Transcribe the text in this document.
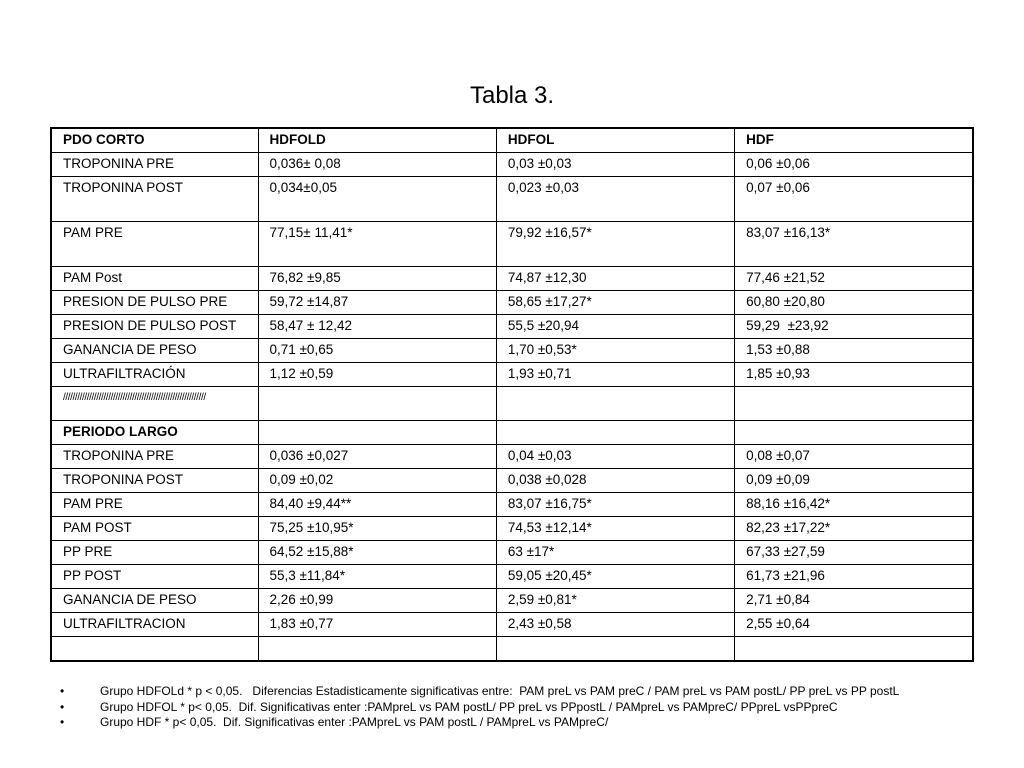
Tabla 3.
PDO CORTO	HDFOLD	HDFOL	HDF
TROPONINA PRE	0,036± 0,08	0,03 ±0,03	0,06 ±0,06
TROPONINA POST	0,034±0,05	0,023 ±0,03	0,07 ±0,06
PAM PRE	77,15± 11,41*	79,92 ±16,57*	83,07 ±16,13*
PAM Post	76,82 ±9,85	74,87 ±12,30	77,46 ±21,52
PRESION DE PULSO PRE	59,72 ±14,87	58,65 ±17,27*	60,80 ±20,80
PRESION DE PULSO POST	58,47 ± 12,42	55,5 ±20,94	59,29  ±23,92
GANANCIA DE PESO	0,71 ±0,65	1,70 ±0,53*	1,53 ±0,88
ULTRAFILTRACIÓN	1,12 ±0,59	1,93 ±0,71	1,85 ±0,93
////////////////////////////////////////////////////////////			
PERIODO LARGO			
TROPONINA PRE	0,036 ±0,027	0,04 ±0,03	0,08 ±0,07
TROPONINA POST	0,09 ±0,02	0,038 ±0,028	0,09 ±0,09
PAM PRE	84,40 ±9,44**	83,07 ±16,75*	88,16 ±16,42*
PAM POST	75,25 ±10,95*	74,53 ±12,14*	82,23 ±17,22*
PP PRE	64,52 ±15,88*	63 ±17*	67,33 ±27,59
PP POST	55,3 ±11,84*	59,05 ±20,45*	61,73 ±21,96
GANANCIA DE PESO	2,26 ±0,99	2,59 ±0,81*	2,71 ±0,84
ULTRAFILTRACION	1,83 ±0,77	2,43 ±0,58	2,55 ±0,64

•	Grupo HDFOLd * p < 0,05.   Diferencias Estadisticamente significativas entre:  PAM preL vs PAM preC / PAM preL vs PAM postL/ PP preL vs PP postL
•	Grupo HDFOL * p< 0,05.  Dif. Significativas enter :PAMpreL vs PAM postL/ PP preL vs PPpostL / PAMpreL vs PAMpreC/ PPpreL vsPPpreC
•	Grupo HDF * p< 0,05.  Dif. Significativas enter :PAMpreL vs PAM postL / PAMpreL vs PAMpreC/
